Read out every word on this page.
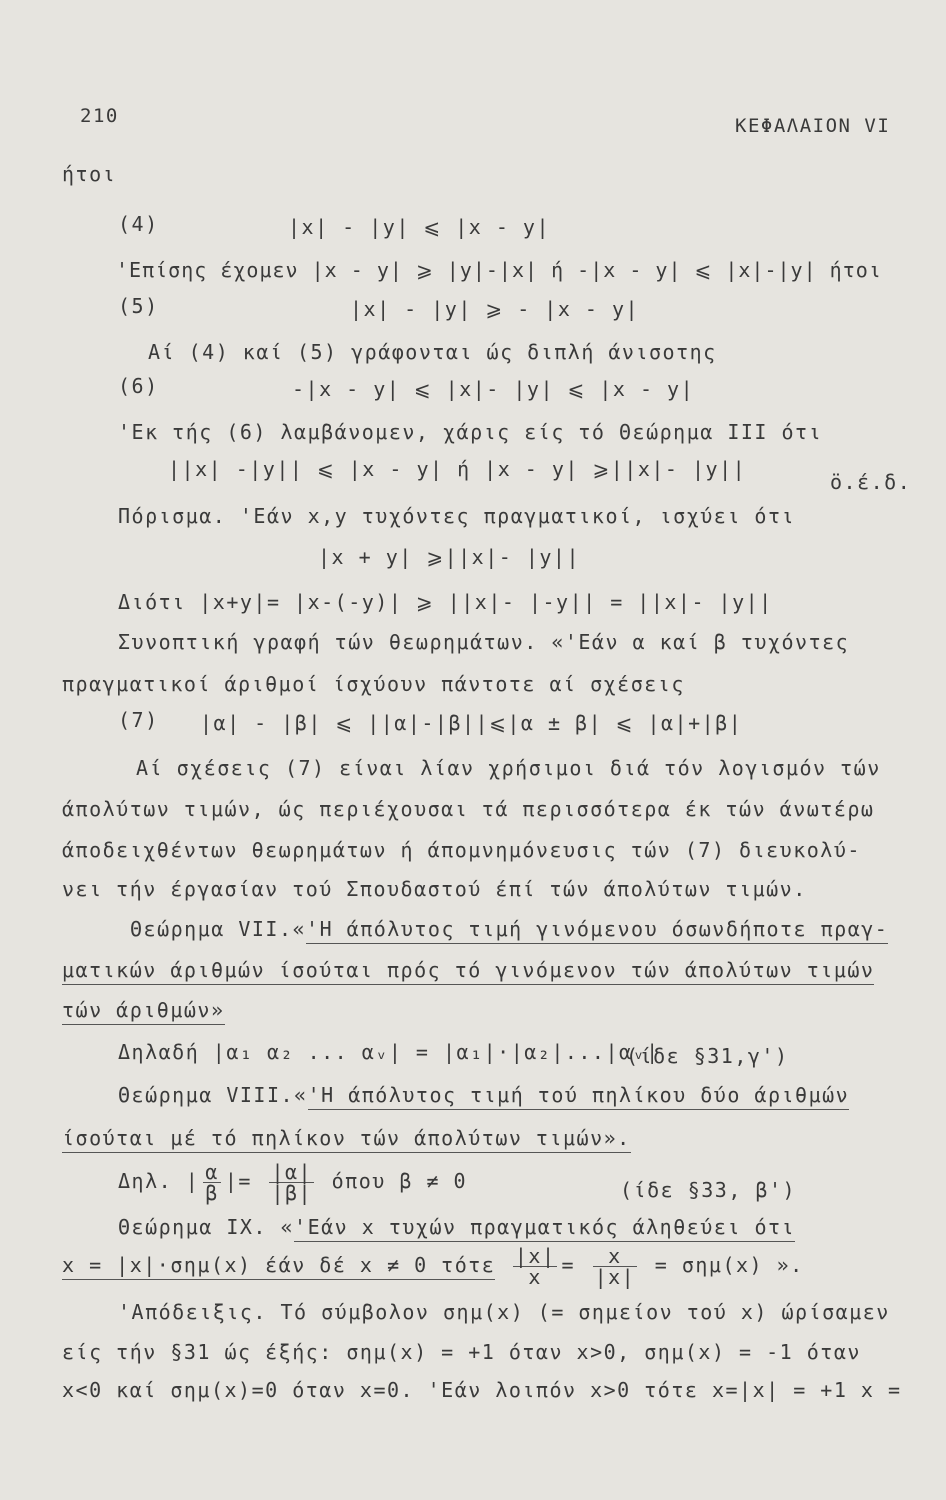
210	ΚΕΦΑΛΑΙΟΝ VI
ήτοι
(4)	|x| - |y| ⩽ |x - y|
'Επίσης έχομεν |x - y| ⩾ |y|-|x| ή -|x - y| ⩽ |x|-|y| ήτοι
(5)	|x| - |y| ⩾ - |x - y|
Αί (4) καί (5) γράφονται ώς διπλή άνισοτης
(6)	-|x - y| ⩽ |x|- |y| ⩽ |x - y|
'Εκ τής (6) λαμβάνομεν, χάρις είς τό Θεώρημα III ότι
||x| -|y|| ⩽ |x - y| ή |x - y| ⩾||x|- |y||
ö.έ.δ.
Πόρισμα. 'Εάν x,y τυχόντες πραγματικοί, ισχύει ότι
|x + y| ⩾||x|- |y||
Διότι |x+y|= |x-(-y)| ⩾ ||x|- |-y|| = ||x|- |y||
Συνοπτική γραφή τών θεωρημάτων. «'Εάν α καί β τυχόντες
πραγματικοί άριθμοί ίσχύουν πάντοτε αί σχέσεις
(7) |α| - |β| ⩽ ||α|-|β||⩽|α ± β| ⩽ |α|+|β|
Αί σχέσεις (7) είναι λίαν χρήσιμοι διά τόν λογισμόν τών
άπολύτων τιμών, ώς περιέχουσαι τά περισσότερα έκ τών άνωτέρω
άποδειχθέντων θεωρημάτων ή άπομνημόνευσις τών (7) διευκολύ-
νει τήν έργασίαν τού Σπουδαστού έπί τών άπολύτων τιμών.
Θεώρημα VII.«'Η άπόλυτος τιμή γινόμενου όσωνδήποτε πραγ-
ματικών άριθμών ίσούται πρός τό γινόμενον τών άπολύτων τιμών
τών άριθμών»
Δηλαδή |α₁ α₂ ... αᵥ| = |α₁|·|α₂|...|αᵥ|
(ίδε §31,γ')
Θεώρημα VIII.«'Η άπόλυτος τιμή τού πηλίκου δύο άριθμών
ίσούται μέ τό πηλίκον τών άπολύτων τιμών».
Δηλ. | $\frac{\alpha}{\beta}$ |= $\frac{|\alpha|}{|\beta|}$ όπου β ≠ 0	(ίδε §33, β')
Θεώρημα IX. «'Εάν x τυχών πραγματικός άληθεύει ότι
x = |x|·σημ(x) έάν δέ x ≠ 0 τότε $\frac{|x|}{x} = \frac{x}{|x|} = \sigma\eta\mu(x)$ ».
'Απόδειξις. Τό σύμβολον σημ(x) (= σημείον τού x) ώρίσαμεν
είς τήν §31 ώς έξής: σημ(x) = +1 όταν x>0, σημ(x) = -1 όταν
x<0 καί σημ(x)=0 όταν x=0. 'Εάν λοιπόν x>0 τότε x=|x| = +1 x =
